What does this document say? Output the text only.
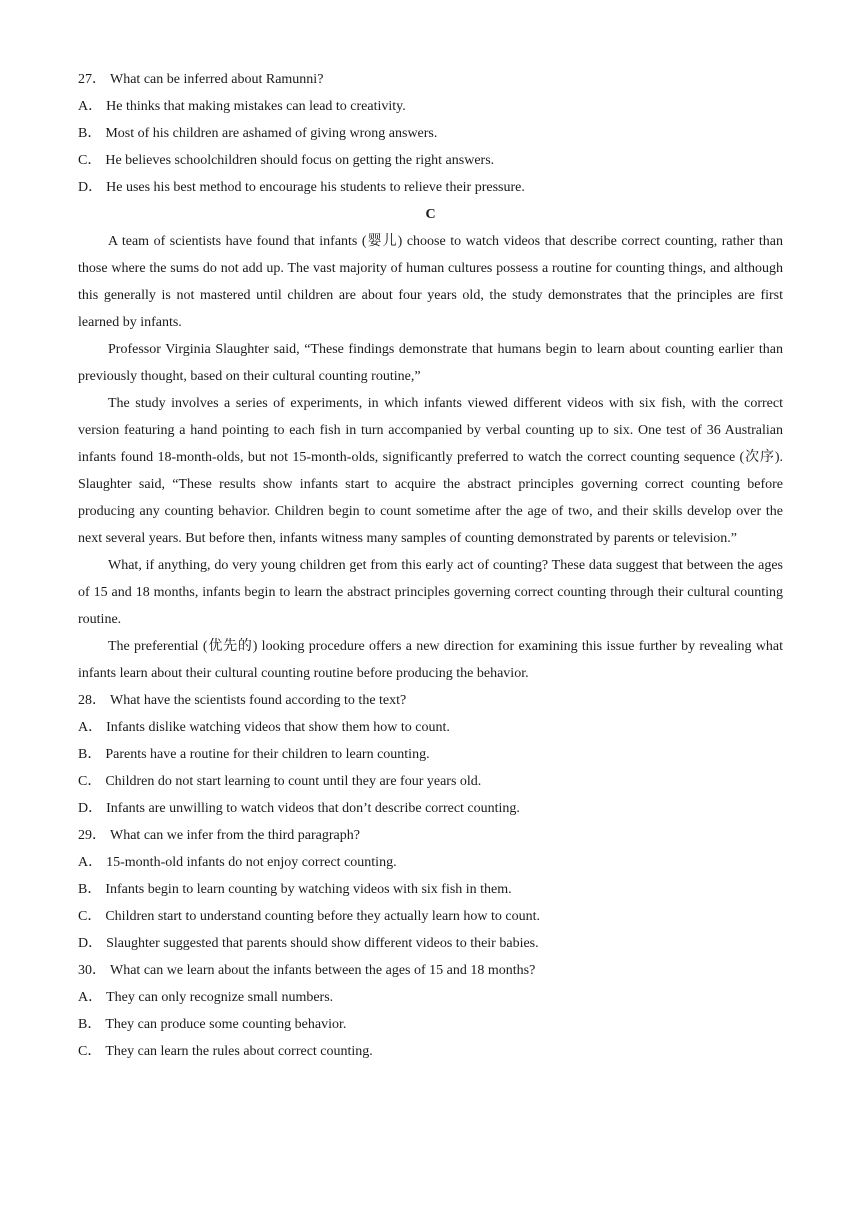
27． What can be inferred about Ramunni?
A． He thinks that making mistakes can lead to creativity.
B． Most of his children are ashamed of giving wrong answers.
C． He believes schoolchildren should focus on getting the right answers.
D． He uses his best method to encourage his students to relieve their pressure.
C

A team of scientists have found that infants (婴儿) choose to watch videos that describe correct counting, rather than those where the sums do not add up. The vast majority of human cultures possess a routine for counting things, and although this generally is not mastered until children are about four years old, the study demonstrates that the principles are first learned by infants.

Professor Virginia Slaughter said, “These findings demonstrate that humans begin to learn about counting earlier than previously thought, based on their cultural counting routine,”

The study involves a series of experiments, in which infants viewed different videos with six fish, with the correct version featuring a hand pointing to each fish in turn accompanied by verbal counting up to six. One test of 36 Australian infants found 18-month-olds, but not 15-month-olds, significantly preferred to watch the correct counting sequence (次序). Slaughter said, “These results show infants start to acquire the abstract principles governing correct counting before producing any counting behavior. Children begin to count sometime after the age of two, and their skills develop over the next several years. But before then, infants witness many samples of counting demonstrated by parents or television.”

What, if anything, do very young children get from this early act of counting? These data suggest that between the ages of 15 and 18 months, infants begin to learn the abstract principles governing correct counting through their cultural counting routine.

The preferential (优先的) looking procedure offers a new direction for examining this issue further by revealing what infants learn about their cultural counting routine before producing the behavior.

28． What have the scientists found according to the text?
A． Infants dislike watching videos that show them how to count.
B． Parents have a routine for their children to learn counting.
C． Children do not start learning to count until they are four years old.
D． Infants are unwilling to watch videos that don’t describe correct counting.
29． What can we infer from the third paragraph?
A． 15-month-old infants do not enjoy correct counting.
B． Infants begin to learn counting by watching videos with six fish in them.
C． Children start to understand counting before they actually learn how to count.
D． Slaughter suggested that parents should show different videos to their babies.
30． What can we learn about the infants between the ages of 15 and 18 months?
A． They can only recognize small numbers.
B． They can produce some counting behavior.
C． They can learn the rules about correct counting.
